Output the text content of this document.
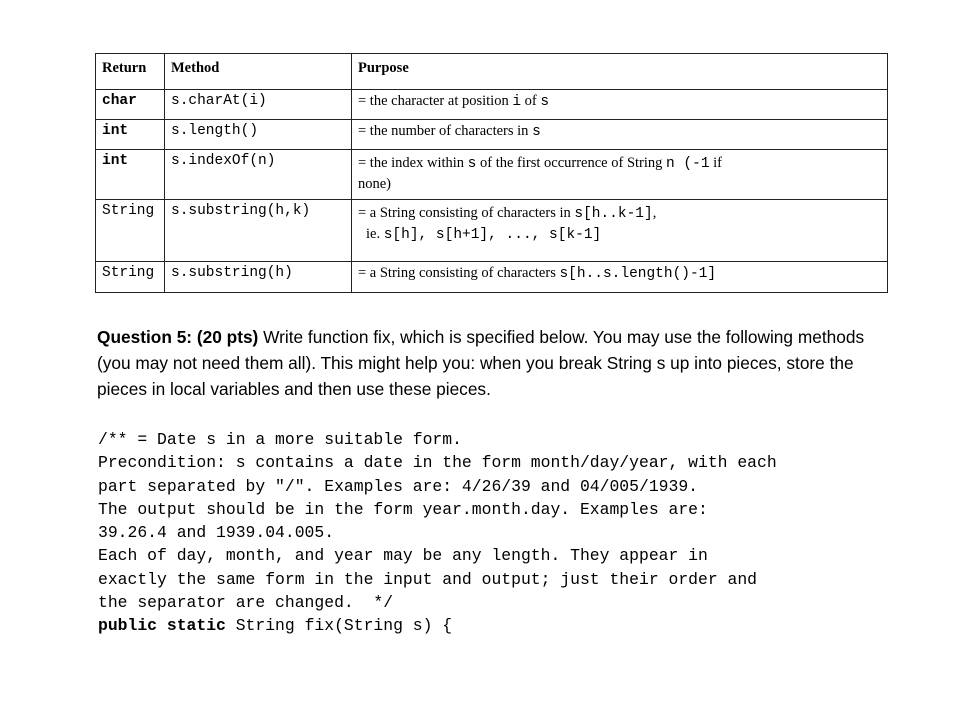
Return	Method	Purpose
char	s.charAt(i)	= the character at position i of s
int	s.length()	= the number of characters in s
int	s.indexOf(n)	= the index within s of the first occurrence of String n (-1 if
none)

String	s.substring(h,k)	= a String consisting of characters in s[h..k-1],
ie. s[h], s[h+1], ..., s[k-1]

String	s.substring(h)	= a String consisting of characters s[h..s.length()-1]
Question 5: (20 pts) Write function fix, which is specified below. You may use the following methods (you may not need them all). This might help you: when you break String s up into pieces, store the pieces in local variables and then use these pieces.
/** = Date s in a more suitable form.
Precondition: s contains a date in the form month/day/year, with each
part separated by "/". Examples are: 4/26/39 and 04/005/1939.
The output should be in the form year.month.day. Examples are:
39.26.4 and 1939.04.005.
Each of day, month, and year may be any length. They appear in
exactly the same form in the input and output; just their order and
the separator are changed.  */
public static String fix(String s) {
